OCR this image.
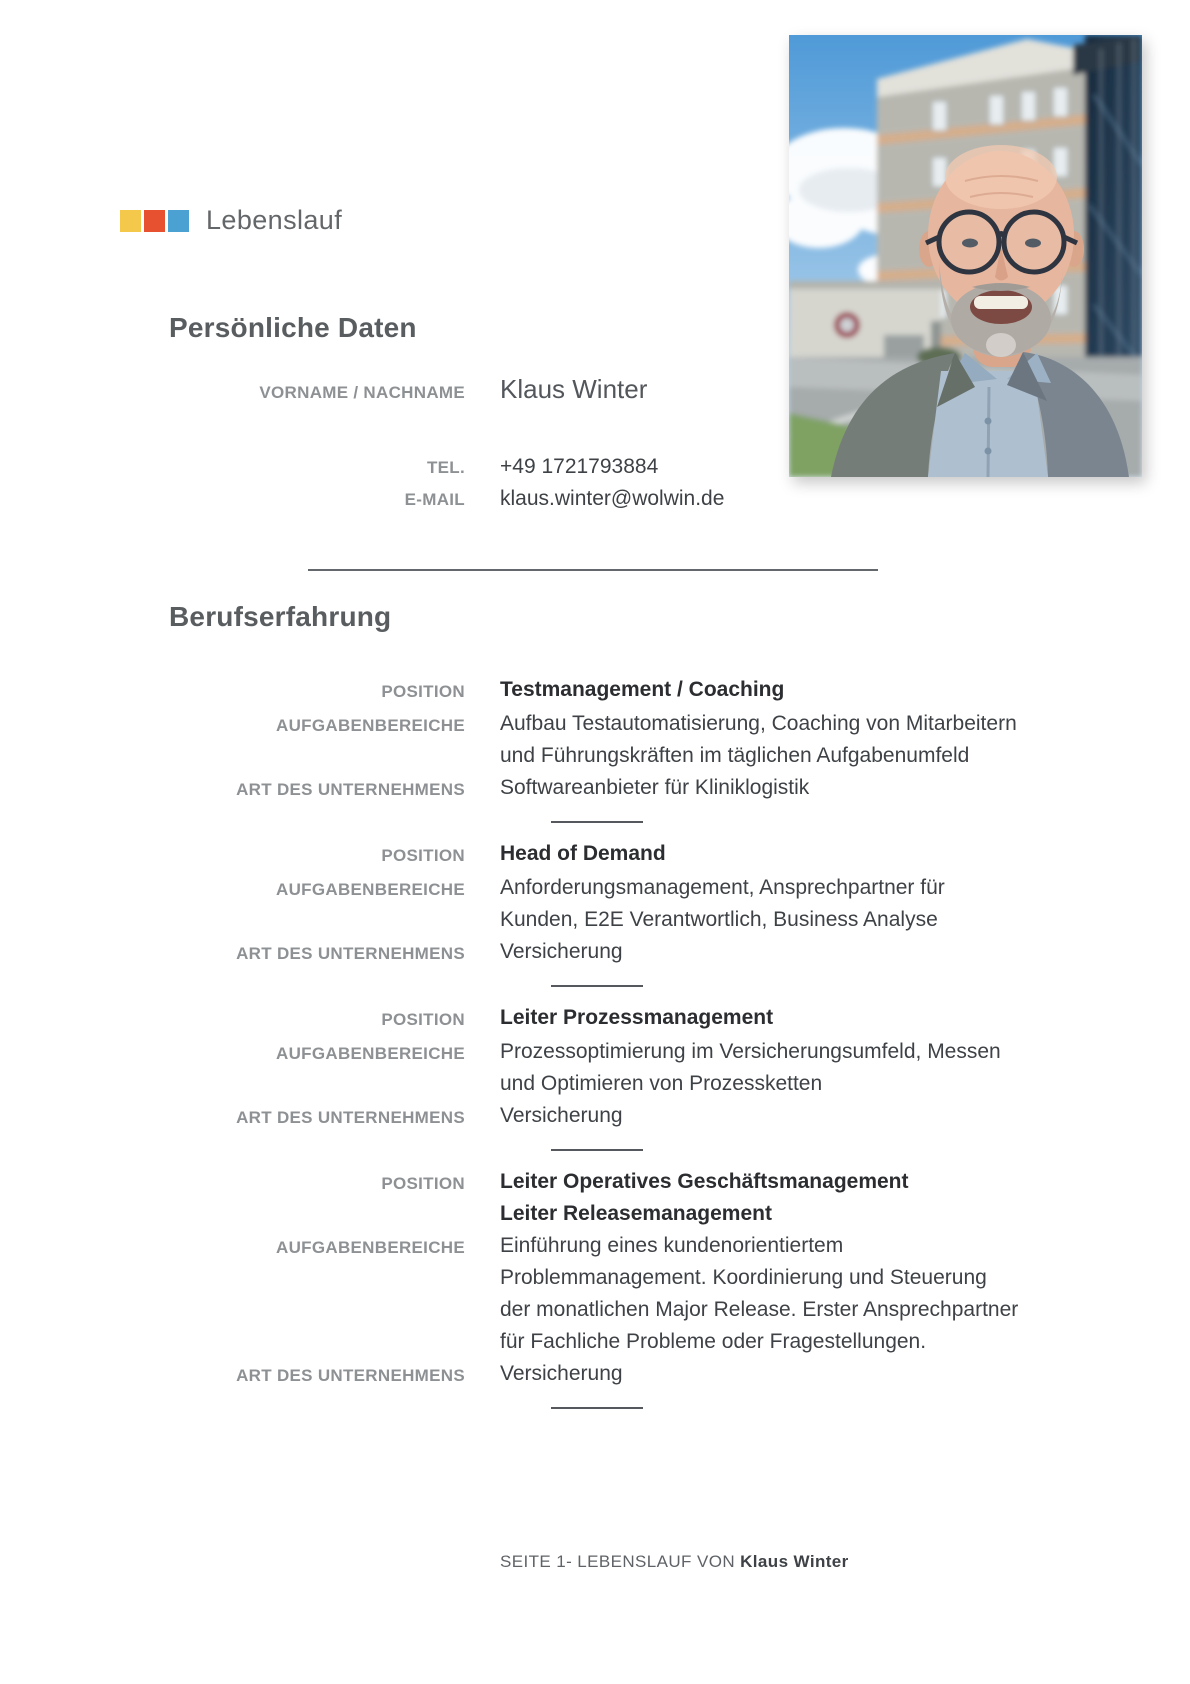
Lebenslauf
Persönliche Daten
VORNAME / NACHNAME Klaus Winter
TEL. +49 1721793884
E-MAIL klaus.winter@wolwin.de
Berufserfahrung
POSITION Testmanagement / Coaching
AUFGABENBEREICHE Aufbau Testautomatisierung, Coaching von Mitarbeitern
und Führungskräften im täglichen Aufgabenumfeld
ART DES UNTERNEHMENS Softwareanbieter für Kliniklogistik
POSITION Head of Demand
AUFGABENBEREICHE Anforderungsmanagement, Ansprechpartner für
Kunden, E2E Verantwortlich, Business Analyse
ART DES UNTERNEHMENS Versicherung
POSITION Leiter Prozessmanagement
AUFGABENBEREICHE Prozessoptimierung im Versicherungsumfeld, Messen
und Optimieren von Prozessketten
ART DES UNTERNEHMENS Versicherung
POSITION Leiter Operatives Geschäftsmanagement
Leiter Releasemanagement
AUFGABENBEREICHE Einführung eines kundenorientiertem
Problemmanagement. Koordinierung und Steuerung
der monatlichen Major Release. Erster Ansprechpartner
für Fachliche Probleme oder Fragestellungen.
ART DES UNTERNEHMENS Versicherung
SEITE 1- LEBENSLAUF VON Klaus Winter
